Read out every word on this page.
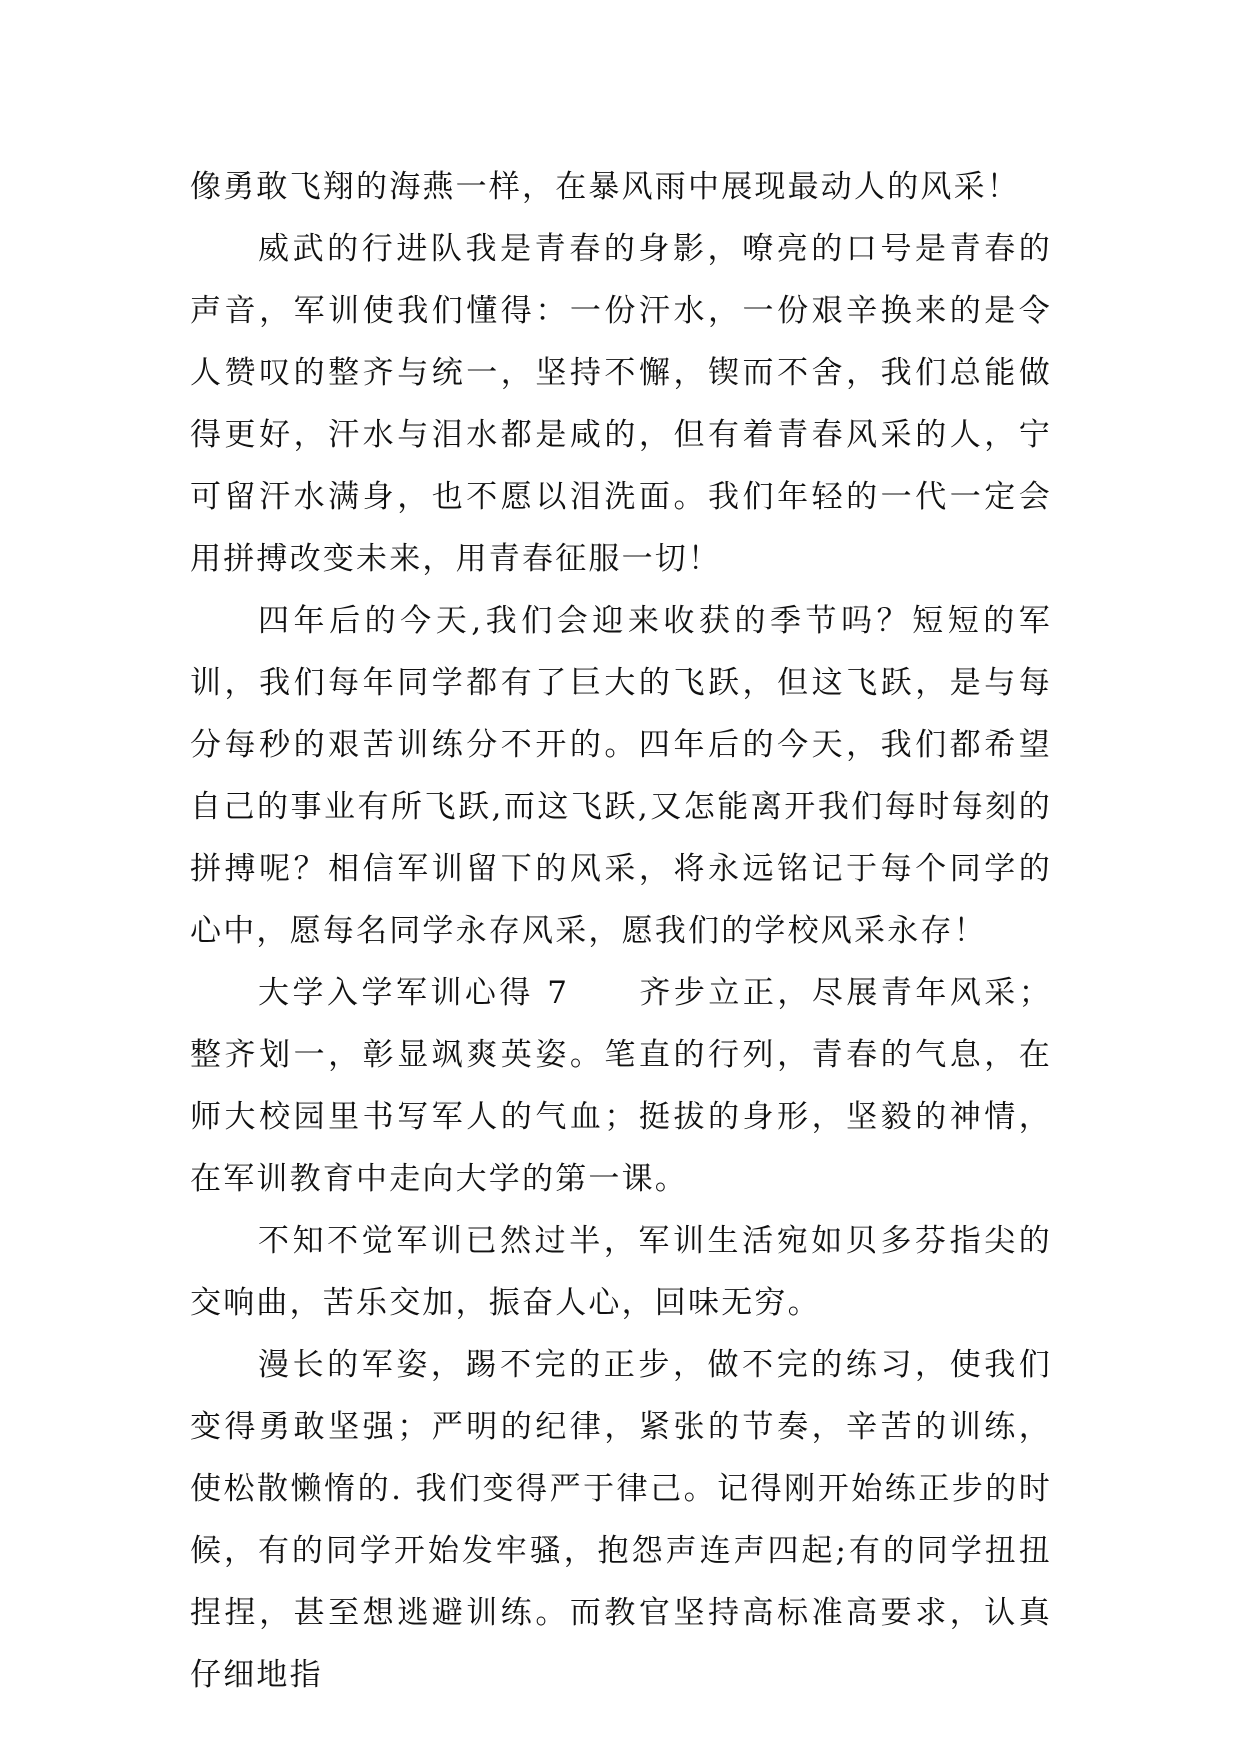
像勇敢飞翔的海燕一样，在暴风雨中展现最动人的风采！

威武的行进队我是青春的身影，嘹亮的口号是青春的声音，军训使我们懂得：一份汗水，一份艰辛换来的是令人赞叹的整齐与统一，坚持不懈，锲而不舍，我们总能做得更好，汗水与泪水都是咸的，但有着青春风采的人，宁可留汗水满身，也不愿以泪洗面。我们年轻的一代一定会用拼搏改变未来，用青春征服一切！

四年后的今天,我们会迎来收获的季节吗？短短的军训，我们每年同学都有了巨大的飞跃，但这飞跃，是与每分每秒的艰苦训练分不开的。四年后的今天，我们都希望自己的事业有所飞跃,而这飞跃,又怎能离开我们每时每刻的拼搏呢？相信军训留下的风采，将永远铭记于每个同学的心中，愿每名同学永存风采，愿我们的学校风采永存！

大学入学军训心得 7　　齐步立正，尽展青年风采；整齐划一，彰显飒爽英姿。笔直的行列，青春的气息，在师大校园里书写军人的气血；挺拔的身形，坚毅的神情，在军训教育中走向大学的第一课。

不知不觉军训已然过半，军训生活宛如贝多芬指尖的交响曲，苦乐交加，振奋人心，回味无穷。

漫长的军姿，踢不完的正步，做不完的练习，使我们变得勇敢坚强；严明的纪律，紧张的节奏，辛苦的训练，使松散懒惰的. 我们变得严于律己。记得刚开始练正步的时候，有的同学开始发牢骚，抱怨声连声四起;有的同学扭扭捏捏，甚至想逃避训练。而教官坚持高标准高要求，认真仔细地指
